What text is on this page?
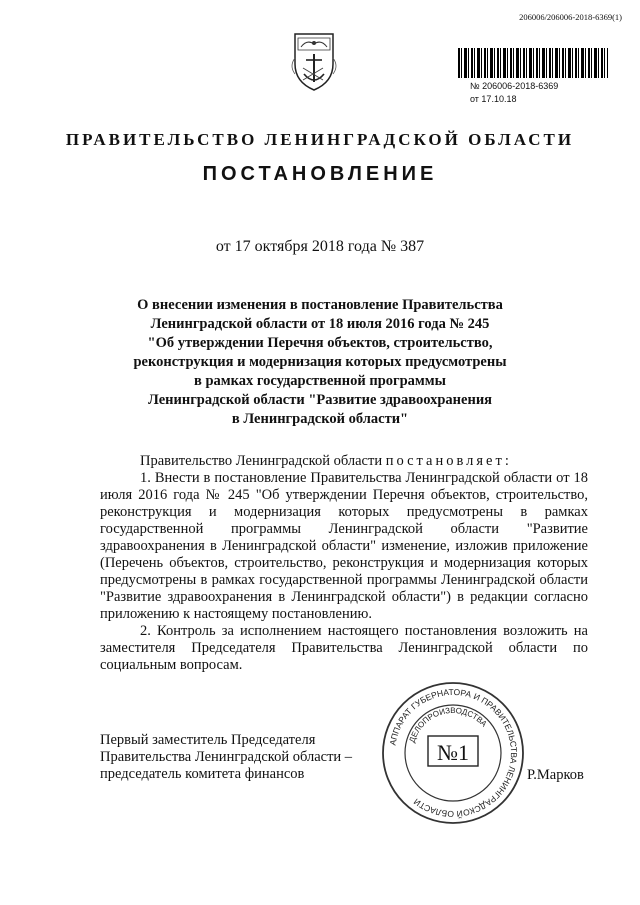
206006/206006-2018-6369(1)
№ 206006-2018-6369
от 17.10.18
ПРАВИТЕЛЬСТВО ЛЕНИНГРАДСКОЙ ОБЛАСТИ
ПОСТАНОВЛЕНИЕ
от 17 октября 2018 года № 387
О внесении изменения в постановление Правительства
Ленинградской области от 18 июля 2016 года № 245
"Об утверждении Перечня объектов, строительство,
реконструкция и модернизация которых предусмотрены
в рамках государственной программы
Ленинградской области "Развитие здравоохранения
в Ленинградской области"

Правительство Ленинградской области постановляет:

1. Внести в постановление Правительства Ленинградской области от 18 июля 2016 года № 245 "Об утверждении Перечня объектов, строительство, реконструкция и модернизация которых предусмотрены в рамках государственной программы Ленинградской области "Развитие здравоохранения в Ленинградской области" изменение, изложив приложение (Перечень объектов, строительство, реконструкция и модернизация которых предусмотрены в рамках государственной программы Ленинградской области "Развитие здравоохранения в Ленинградской области") в редакции согласно приложению к настоящему постановлению.

2. Контроль за исполнением настоящего постановления возложить на заместителя Председателя Правительства Ленинградской области по социальным вопросам.

Первый заместитель Председателя
Правительства Ленинградской области –
председатель комитета финансов	Р.Марков
АППАРАТ ГУБЕРНАТОРА И ПРАВИТЕЛЬСТВА ЛЕНИНГРАДСКОЙ ОБЛАСТИ
ДЕЛОПРОИЗВОДСТВА
№1
